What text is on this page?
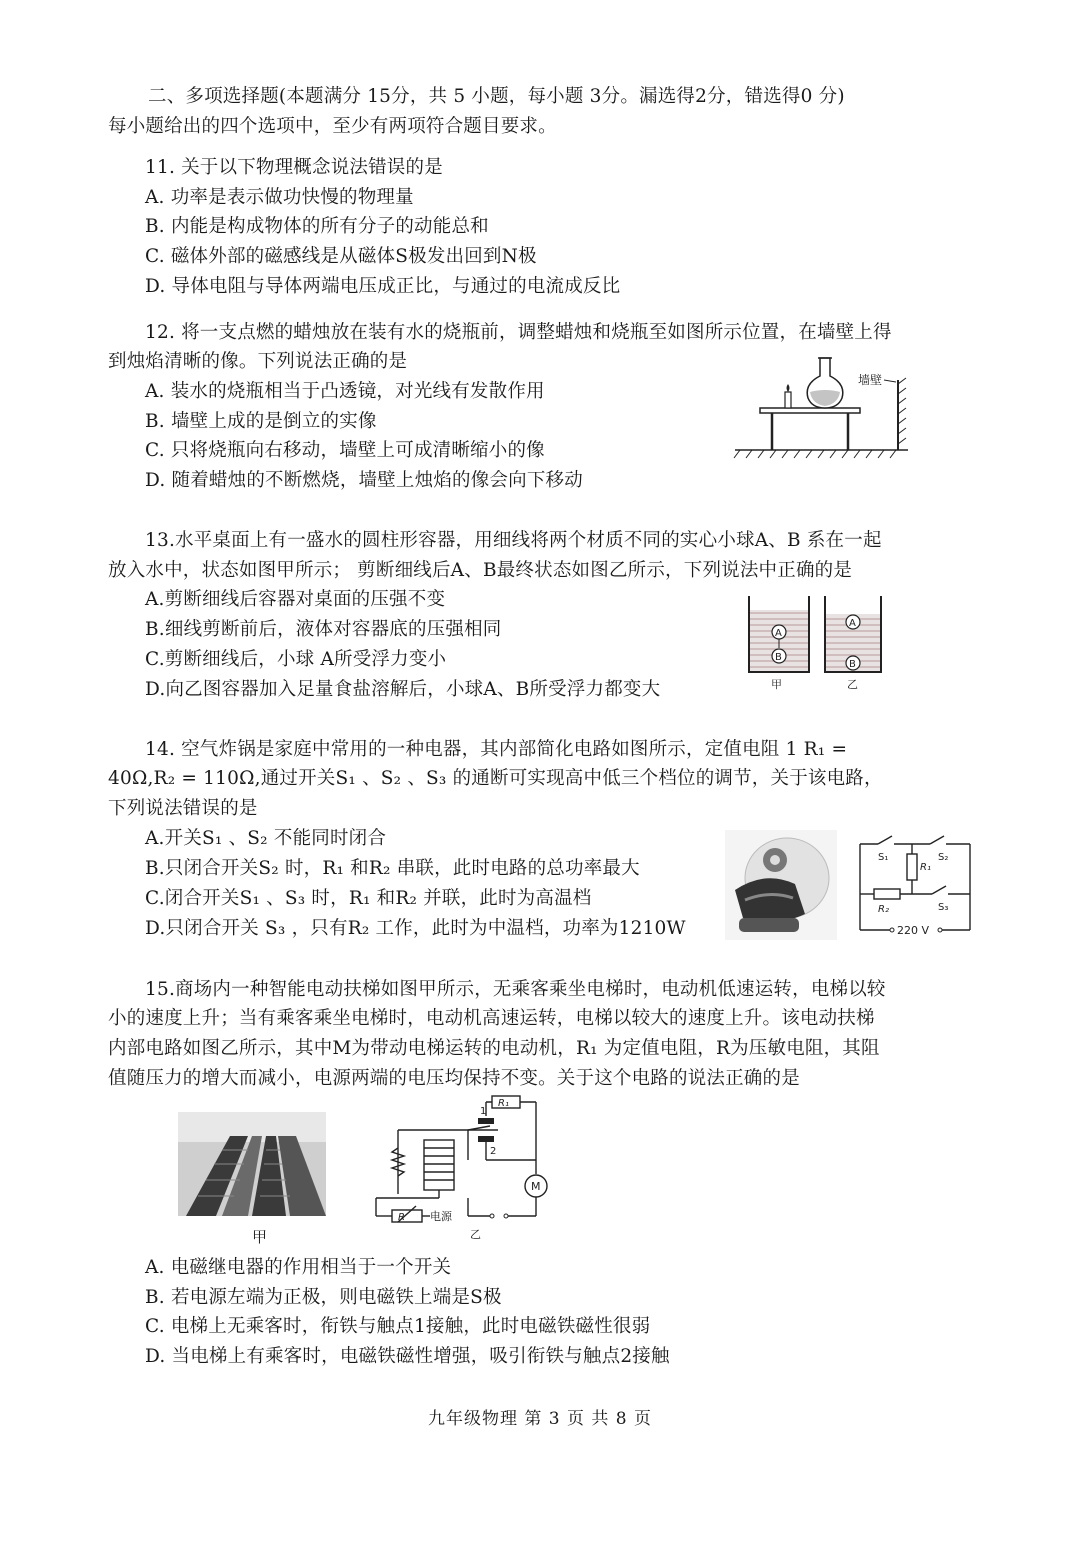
二、多项选择题(本题满分 15分，共 5 小题，每小题 3分。漏选得2分，错选得0 分)
每小题给出的四个选项中，至少有两项符合题目要求。
11. 关于以下物理概念说法错误的是
A. 功率是表示做功快慢的物理量
B. 内能是构成物体的所有分子的动能总和
C. 磁体外部的磁感线是从磁体S极发出回到N极
D. 导体电阻与导体两端电压成正比，与通过的电流成反比
12. 将一支点燃的蜡烛放在装有水的烧瓶前，调整蜡烛和烧瓶至如图所示位置，在墙壁上得
到烛焰清晰的像。下列说法正确的是
A. 装水的烧瓶相当于凸透镜，对光线有发散作用
B. 墙壁上成的是倒立的实像
C. 只将烧瓶向右移动，墙壁上可成清晰缩小的像
D. 随着蜡烛的不断燃烧，墙壁上烛焰的像会向下移动
墙壁
13.水平桌面上有一盛水的圆柱形容器，用细线将两个材质不同的实心小球A、B 系在一起
放入水中，状态如图甲所示； 剪断细线后A、B最终状态如图乙所示，下列说法中正确的是
A.剪断细线后容器对桌面的压强不变
B.细线剪断前后，液体对容器底的压强相同
C.剪断细线后，小球 A所受浮力变小
D.向乙图容器加入足量食盐溶解后，小球A、B所受浮力都变大
A
B
甲
A
B
乙
14. 空气炸锅是家庭中常用的一种电器，其内部简化电路如图所示，定值电阻 1 R₁ =
40Ω,R₂ = 110Ω,通过开关S₁ 、S₂ 、S₃ 的通断可实现高中低三个档位的调节，关于该电路，
下列说法错误的是
A.开关S₁ 、S₂ 不能同时闭合
B.只闭合开关S₂ 时，R₁ 和R₂ 串联，此时电路的总功率最大
C.闭合开关S₁ 、S₃ 时，R₁ 和R₂ 并联，此时为高温档
D.只闭合开关 S₃ ，只有R₂ 工作，此时为中温档，功率为1210W
S₁	S₂
R₁
R₂	S₃
220 V
15.商场内一种智能电动扶梯如图甲所示，无乘客乘坐电梯时，电动机低速运转，电梯以较
小的速度上升；当有乘客乘坐电梯时，电动机高速运转，电梯以较大的速度上升。该电动扶梯
内部电路如图乙所示，其中M为带动电梯运转的电动机，R₁ 为定值电阻，R为压敏电阻，其阻
值随压力的增大而减小，电源两端的电压均保持不变。关于这个电路的说法正确的是
甲
1
2
R₁
M
R 电源
乙
A. 电磁继电器的作用相当于一个开关
B. 若电源左端为正极，则电磁铁上端是S极
C. 电梯上无乘客时，衔铁与触点1接触，此时电磁铁磁性很弱
D. 当电梯上有乘客时，电磁铁磁性增强，吸引衔铁与触点2接触
九年级物理 第 3 页 共 8 页
